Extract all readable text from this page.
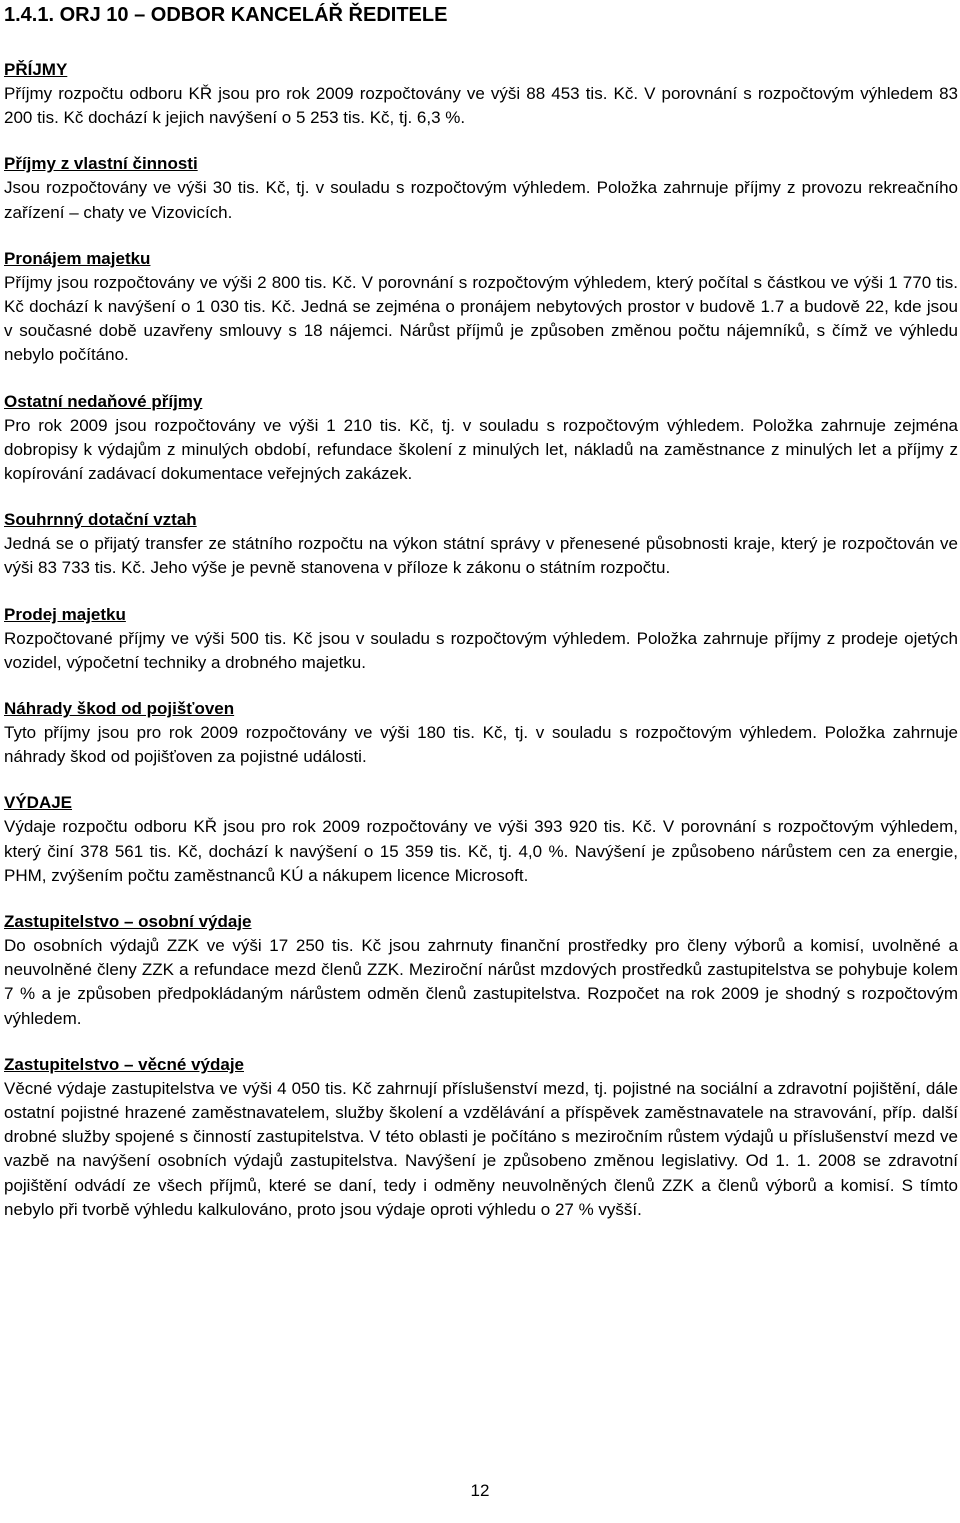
1.4.1. ORJ 10 – ODBOR KANCELÁŘ ŘEDITELE
PŘÍJMY

Příjmy rozpočtu odboru KŘ jsou pro rok 2009 rozpočtovány ve výši 88 453 tis. Kč. V porovnání s rozpočtovým výhledem 83 200 tis. Kč dochází k jejich navýšení o 5 253 tis. Kč, tj. 6,3 %.

Příjmy z vlastní činnosti

Jsou rozpočtovány ve výši 30 tis. Kč, tj. v souladu s rozpočtovým výhledem. Položka zahrnuje příjmy z provozu rekreačního zařízení – chaty ve Vizovicích.

Pronájem majetku

Příjmy jsou rozpočtovány ve výši 2 800 tis. Kč. V porovnání s rozpočtovým výhledem, který počítal s částkou ve výši 1 770 tis. Kč dochází k navýšení o 1 030 tis. Kč. Jedná se zejména o pronájem nebytových prostor v budově 1.7 a budově 22, kde jsou v současné době uzavřeny smlouvy s 18 nájemci. Nárůst příjmů je způsoben změnou počtu nájemníků, s čímž ve výhledu nebylo počítáno.

Ostatní nedaňové příjmy

Pro rok 2009 jsou rozpočtovány ve výši 1 210 tis. Kč, tj. v souladu s rozpočtovým výhledem. Položka zahrnuje zejména dobropisy k výdajům z minulých období, refundace školení z minulých let, nákladů na zaměstnance z minulých let a příjmy z kopírování zadávací dokumentace veřejných zakázek.

Souhrnný dotační vztah

Jedná se o přijatý transfer ze státního rozpočtu na výkon státní správy v přenesené působnosti kraje, který je rozpočtován ve výši 83 733 tis. Kč. Jeho výše je pevně stanovena v příloze k zákonu o státním rozpočtu.

Prodej majetku

Rozpočtované příjmy ve výši 500 tis. Kč jsou v souladu s rozpočtovým výhledem. Položka zahrnuje příjmy z prodeje ojetých vozidel, výpočetní techniky a drobného majetku.

Náhrady škod od pojišťoven

Tyto příjmy jsou pro rok 2009 rozpočtovány ve výši 180 tis. Kč, tj. v souladu s rozpočtovým výhledem. Položka zahrnuje náhrady škod od pojišťoven za pojistné události.

VÝDAJE

Výdaje rozpočtu odboru KŘ jsou pro rok 2009 rozpočtovány ve výši 393 920 tis. Kč. V porovnání s rozpočtovým výhledem, který činí 378 561 tis. Kč, dochází k navýšení o 15 359 tis. Kč, tj. 4,0 %. Navýšení je způsobeno nárůstem cen za energie, PHM, zvýšením počtu zaměstnanců KÚ a nákupem licence Microsoft.

Zastupitelstvo – osobní výdaje

Do osobních výdajů ZZK ve výši 17 250 tis. Kč jsou zahrnuty finanční prostředky pro členy výborů a komisí, uvolněné a neuvolněné členy ZZK a refundace mezd členů ZZK. Meziroční nárůst mzdových prostředků zastupitelstva se pohybuje kolem 7 % a je způsoben předpokládaným nárůstem odměn členů zastupitelstva. Rozpočet na rok 2009 je shodný s rozpočtovým výhledem.

Zastupitelstvo – věcné výdaje

Věcné výdaje zastupitelstva ve výši 4 050 tis. Kč zahrnují příslušenství mezd, tj. pojistné na sociální a zdravotní pojištění, dále ostatní pojistné hrazené zaměstnavatelem, služby školení a vzdělávání a příspěvek zaměstnavatele na stravování, příp. další drobné služby spojené s činností zastupitelstva. V této oblasti je počítáno s meziročním růstem výdajů u příslušenství mezd ve vazbě na navýšení osobních výdajů zastupitelstva. Navýšení je způsobeno změnou legislativy. Od 1. 1. 2008 se zdravotní pojištění odvádí ze všech příjmů, které se daní, tedy i odměny neuvolněných členů ZZK a členů výborů a komisí. S tímto nebylo při tvorbě výhledu kalkulováno, proto jsou výdaje oproti výhledu o 27 % vyšší.

12
